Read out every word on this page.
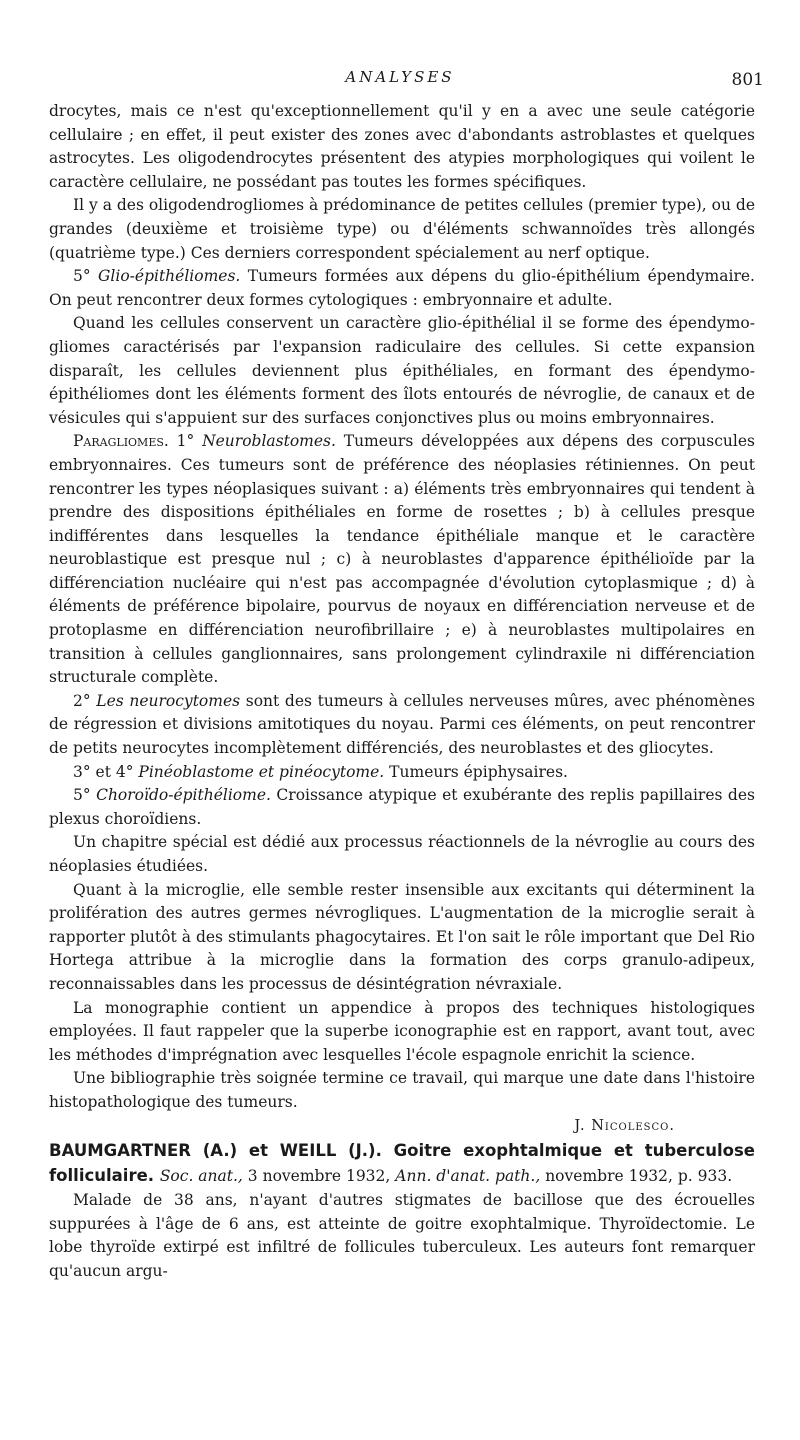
ANALYSES	801

drocytes, mais ce n'est qu'exceptionnellement qu'il y en a avec une seule catégorie cellulaire ; en effet, il peut exister des zones avec d'abondants astroblastes et quelques astrocytes. Les oligodendrocytes présentent des atypies morphologiques qui voilent le caractère cellulaire, ne possédant pas toutes les formes spécifiques.

Il y a des oligodendrogliomes à prédominance de petites cellules (premier type), ou de grandes (deuxième et troisième type) ou d'éléments schwannoïdes très allongés (quatrième type.) Ces derniers correspondent spécialement au nerf optique.

5° Glio-épithéliomes. Tumeurs formées aux dépens du glio-épithélium épendymaire. On peut rencontrer deux formes cytologiques : embryonnaire et adulte.

Quand les cellules conservent un caractère glio-épithélial il se forme des épendymo-gliomes caractérisés par l'expansion radiculaire des cellules. Si cette expansion disparaît, les cellules deviennent plus épithéliales, en formant des épendymo-épithéliomes dont les éléments forment des îlots entourés de névroglie, de canaux et de vésicules qui s'appuient sur des surfaces conjonctives plus ou moins embryonnaires.

Paragliomes. 1° Neuroblastomes. Tumeurs développées aux dépens des corpuscules embryonnaires. Ces tumeurs sont de préférence des néoplasies rétiniennes. On peut rencontrer les types néoplasiques suivant : a) éléments très embryonnaires qui tendent à prendre des dispositions épithéliales en forme de rosettes ; b) à cellules presque indifférentes dans lesquelles la tendance épithéliale manque et le caractère neuroblastique est presque nul ; c) à neuroblastes d'apparence épithélioïde par la différenciation nucléaire qui n'est pas accompagnée d'évolution cytoplasmique ; d) à éléments de préférence bipolaire, pourvus de noyaux en différenciation nerveuse et de protoplasme en différenciation neurofibrillaire ; e) à neuroblastes multipolaires en transition à cellules ganglionnaires, sans prolongement cylindraxile ni différenciation structurale complète.

2° Les neurocytomes sont des tumeurs à cellules nerveuses mûres, avec phénomènes de régression et divisions amitotiques du noyau. Parmi ces éléments, on peut rencontrer de petits neurocytes incomplètement différenciés, des neuroblastes et des gliocytes.

3° et 4° Pinéoblastome et pinéocytome. Tumeurs épiphysaires.

5° Choroïdo-épithéliome. Croissance atypique et exubérante des replis papillaires des plexus choroïdiens.

Un chapitre spécial est dédié aux processus réactionnels de la névroglie au cours des néoplasies étudiées.

Quant à la microglie, elle semble rester insensible aux excitants qui déterminent la prolifération des autres germes névrogliques. L'augmentation de la microglie serait à rapporter plutôt à des stimulants phagocytaires. Et l'on sait le rôle important que Del Rio Hortega attribue à la microglie dans la formation des corps granulo-adipeux, reconnaissables dans les processus de désintégration névraxiale.

La monographie contient un appendice à propos des techniques histologiques employées. Il faut rappeler que la superbe iconographie est en rapport, avant tout, avec les méthodes d'imprégnation avec lesquelles l'école espagnole enrichit la science.

Une bibliographie très soignée termine ce travail, qui marque une date dans l'histoire histopathologique des tumeurs.

J. Nicolesco.

BAUMGARTNER (A.) et WEILL (J.). Goitre exophtalmique et tuberculose folliculaire. Soc. anat., 3 novembre 1932, Ann. d'anat. path., novembre 1932, p. 933.

Malade de 38 ans, n'ayant d'autres stigmates de bacillose que des écrouelles suppurées à l'âge de 6 ans, est atteinte de goitre exophtalmique. Thyroïdectomie. Le lobe thyroïde extirpé est infiltré de follicules tuberculeux. Les auteurs font remarquer qu'aucun argu-
